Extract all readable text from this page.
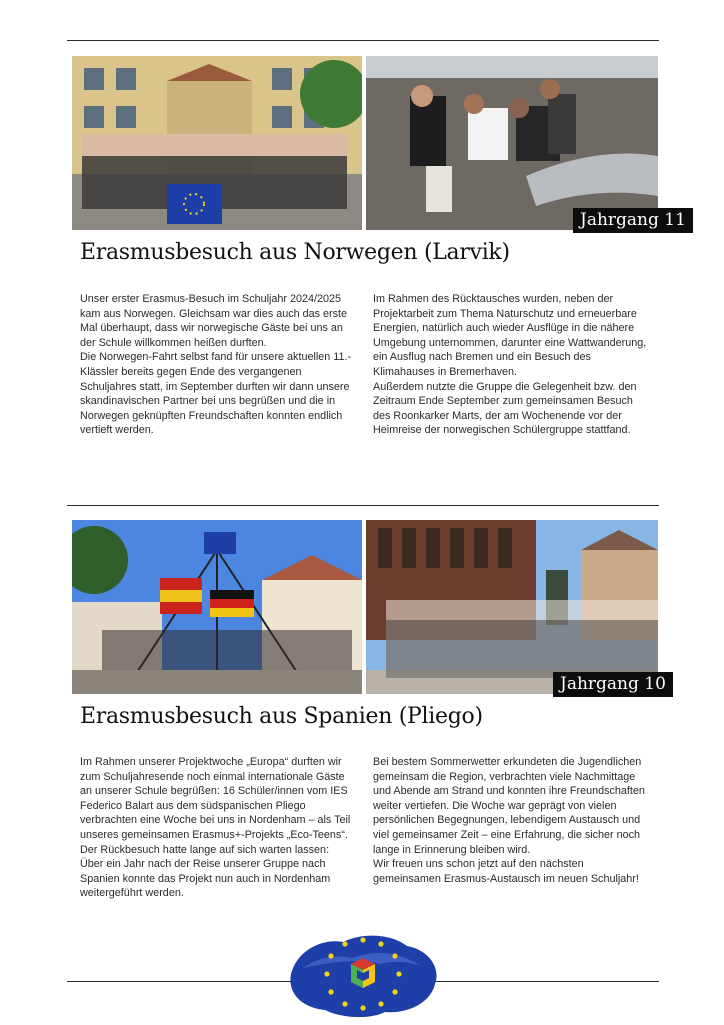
Jahrgang 11
Erasmusbesuch aus Norwegen (Larvik)

Unser erster Erasmus-Besuch im Schuljahr 2024/2025 kam aus Norwegen. Gleichsam war dies auch das erste Mal überhaupt, dass wir norwegische Gäste bei uns an der Schule willkommen heißen durften.

Die Norwegen-Fahrt selbst fand für unsere aktuellen 11.-Klässler bereits gegen Ende des vergangenen Schuljahres statt, im September durften wir dann unsere skandinavischen Partner bei uns begrüßen und die in Norwegen geknüpften Freundschaften konnten endlich vertieft werden.

Im Rahmen des Rücktausches wurden, neben der Projektarbeit zum Thema Naturschutz und erneuerbare Energien, natürlich auch wieder Ausflüge in die nähere Umgebung unternommen, darunter eine Wattwanderung, ein Ausflug nach Bremen und ein Besuch des Klimahauses in Bremerhaven.

Außerdem nutzte die Gruppe die Gelegenheit bzw. den Zeitraum Ende September zum gemeinsamen Besuch des Roonkarker Marts, der am Wochenende vor der Heimreise der norwegischen Schülergruppe stattfand.

Jahrgang 10
Erasmusbesuch aus Spanien (Pliego)

Im Rahmen unserer Projektwoche „Europa“ durften wir zum Schuljahresende noch einmal internationale Gäste an unserer Schule begrüßen: 16 Schüler/innen vom IES Federico Balart aus dem südspanischen Pliego verbrachten eine Woche bei uns in Nordenham – als Teil unseres gemeinsamen Erasmus+-Projekts „Eco-Teens“.

Der Rückbesuch hatte lange auf sich warten lassen: Über ein Jahr nach der Reise unserer Gruppe nach Spanien konnte das Projekt nun auch in Nordenham weitergeführt werden.

Bei bestem Sommerwetter erkundeten die Jugendlichen gemeinsam die Region, verbrachten viele Nachmittage und Abende am Strand und konnten ihre Freundschaften weiter vertiefen. Die Woche war geprägt von vielen persönlichen Begegnungen, lebendigem Austausch und viel gemeinsamer Zeit – eine Erfahrung, die sicher noch lange in Erinnerung bleiben wird.

Wir freuen uns schon jetzt auf den nächsten gemeinsamen Erasmus-Austausch im neuen Schuljahr!
